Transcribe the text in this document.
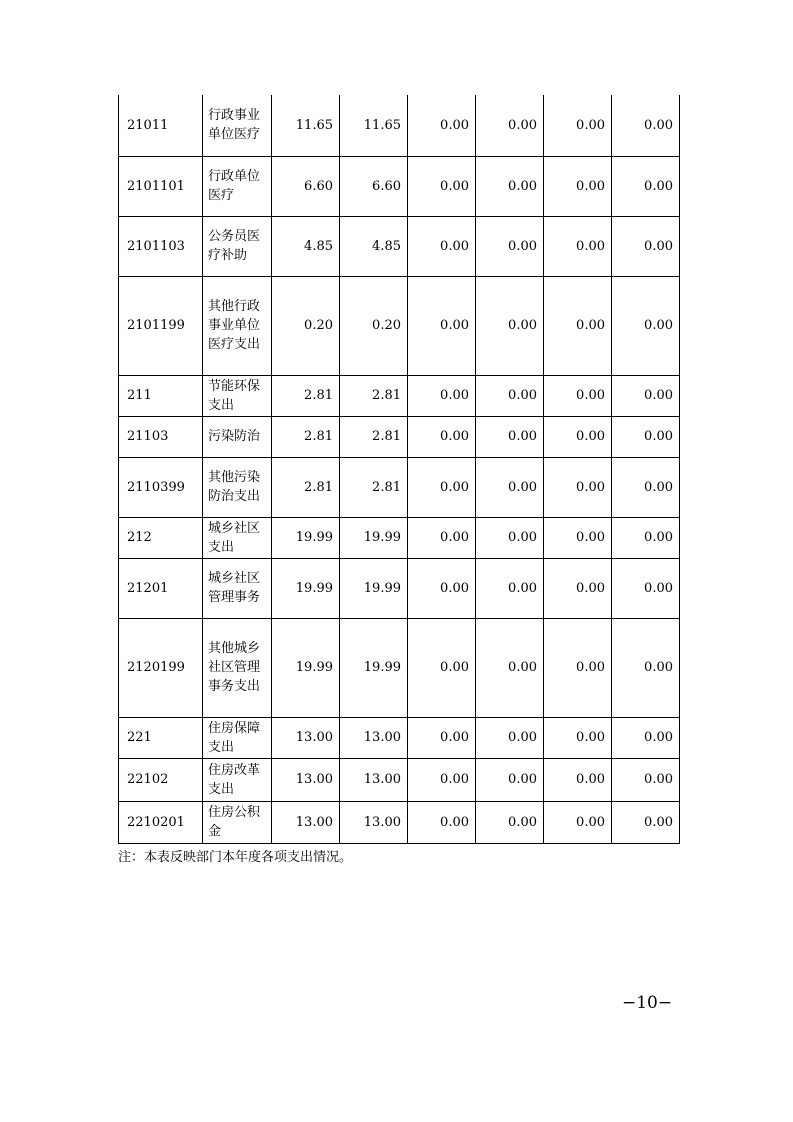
21011	行政事业单位医疗	11.65	11.65	0.00	0.00	0.00	0.00
2101101	行政单位医疗	6.60	6.60	0.00	0.00	0.00	0.00
2101103	公务员医疗补助	4.85	4.85	0.00	0.00	0.00	0.00
2101199	其他行政事业单位医疗支出	0.20	0.20	0.00	0.00	0.00	0.00
211	节能环保支出	2.81	2.81	0.00	0.00	0.00	0.00
21103	污染防治	2.81	2.81	0.00	0.00	0.00	0.00
2110399	其他污染防治支出	2.81	2.81	0.00	0.00	0.00	0.00
212	城乡社区支出	19.99	19.99	0.00	0.00	0.00	0.00
21201	城乡社区管理事务	19.99	19.99	0.00	0.00	0.00	0.00
2120199	其他城乡社区管理事务支出	19.99	19.99	0.00	0.00	0.00	0.00
221	住房保障支出	13.00	13.00	0.00	0.00	0.00	0.00
22102	住房改革支出	13.00	13.00	0.00	0.00	0.00	0.00
2210201	住房公积金	13.00	13.00	0.00	0.00	0.00	0.00
注：本表反映部门本年度各项支出情况。
−10−
